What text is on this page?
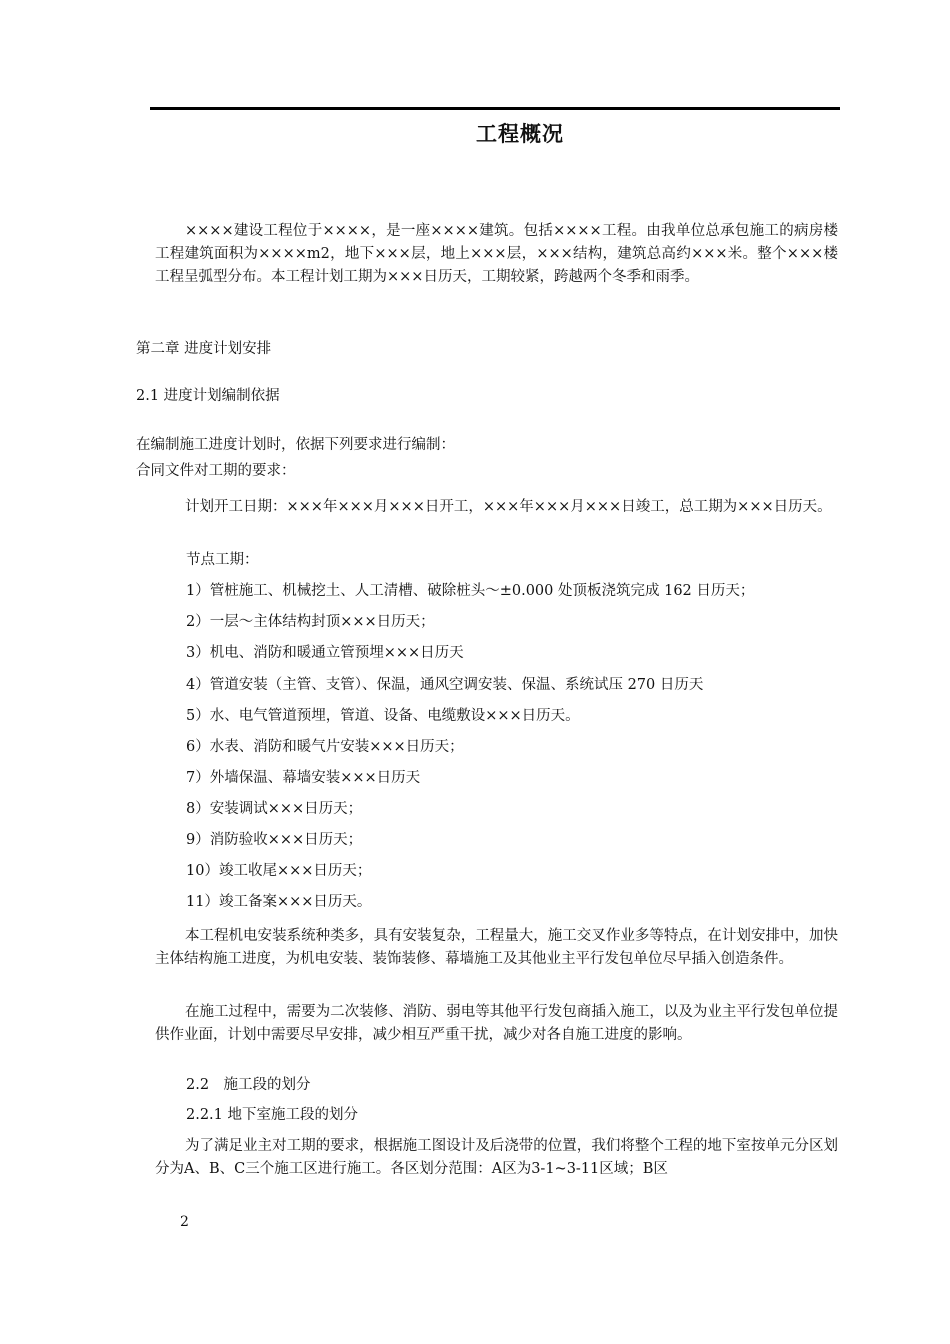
工程概况
××××建设工程位于××××，是一座××××建筑。包括××××工程。由我单位总承包施工的病房楼工程建筑面积为××××m2，地下×××层，地上×××层，×××结构，建筑总高约×××米。整个×××楼工程呈弧型分布。本工程计划工期为×××日历天，工期较紧，跨越两个冬季和雨季。
第二章 进度计划安排
2.1 进度计划编制依据
在编制施工进度计划时，依据下列要求进行编制：
合同文件对工期的要求：
计划开工日期：×××年×××月×××日开工，×××年×××月×××日竣工，总工期为×××日历天。
节点工期：
1）管桩施工、机械挖土、人工清槽、破除桩头～±0.000 处顶板浇筑完成 162 日历天；
2）一层～主体结构封顶×××日历天；
3）机电、消防和暖通立管预埋×××日历天
4）管道安装（主管、支管）、保温，通风空调安装、保温、系统试压 270 日历天
5）水、电气管道预埋，管道、设备、电缆敷设×××日历天。
6）水表、消防和暖气片安装×××日历天；
7）外墙保温、幕墙安装×××日历天
8）安装调试×××日历天；
9）消防验收×××日历天；
10）竣工收尾×××日历天；
11）竣工备案×××日历天。
本工程机电安装系统种类多，具有安装复杂，工程量大，施工交叉作业多等特点，在计划安排中，加快主体结构施工进度，为机电安装、装饰装修、幕墙施工及其他业主平行发包单位尽早插入创造条件。
在施工过程中，需要为二次装修、消防、弱电等其他平行发包商插入施工，以及为业主平行发包单位提供作业面，计划中需要尽早安排，减少相互严重干扰，减少对各自施工进度的影响。
2.2　施工段的划分
2.2.1 地下室施工段的划分
为了满足业主对工期的要求，根据施工图设计及后浇带的位置，我们将整个工程的地下室按单元分区划分为A、B、C三个施工区进行施工。各区划分范围：A区为3-1~3-11区域；B区
2
